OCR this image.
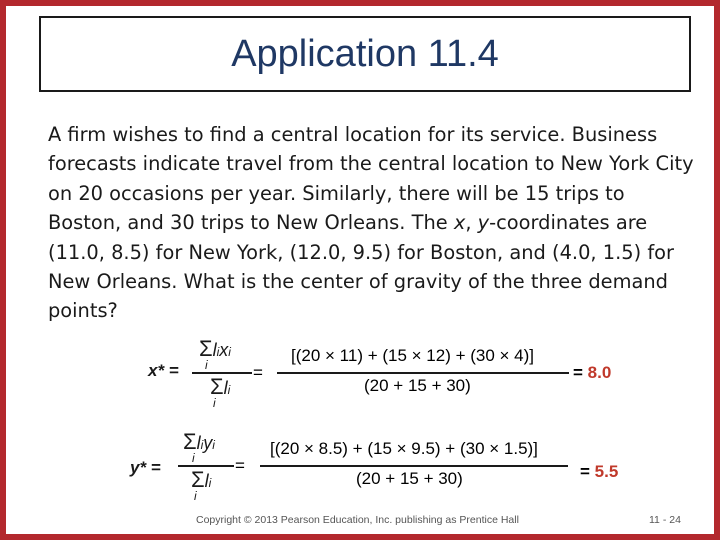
Application 11.4

A firm wishes to find a central location for its service. Business forecasts indicate travel from the central location to New York City on 20 occasions per year. Similarly, there will be 15 trips to Boston, and 30 trips to New Orleans. The x, y-coordinates are (11.0, 8.5) for New York, (12.0, 9.5) for Boston, and (4.0, 1.5) for New Orleans. What is the center of gravity of the three demand points?

x* =
Σlixi
i
Σli
i
=
[(20 × 11) + (15 × 12) + (30 × 4)]
(20 + 15 + 30)
= 8.0
y* =
Σliyi
i
Σli
i
=
[(20 × 8.5) + (15 × 9.5) + (30 × 1.5)]
(20 + 15 + 30)	= 5.5
Copyright © 2013 Pearson Education, Inc. publishing as Prentice Hall	11 - 24
